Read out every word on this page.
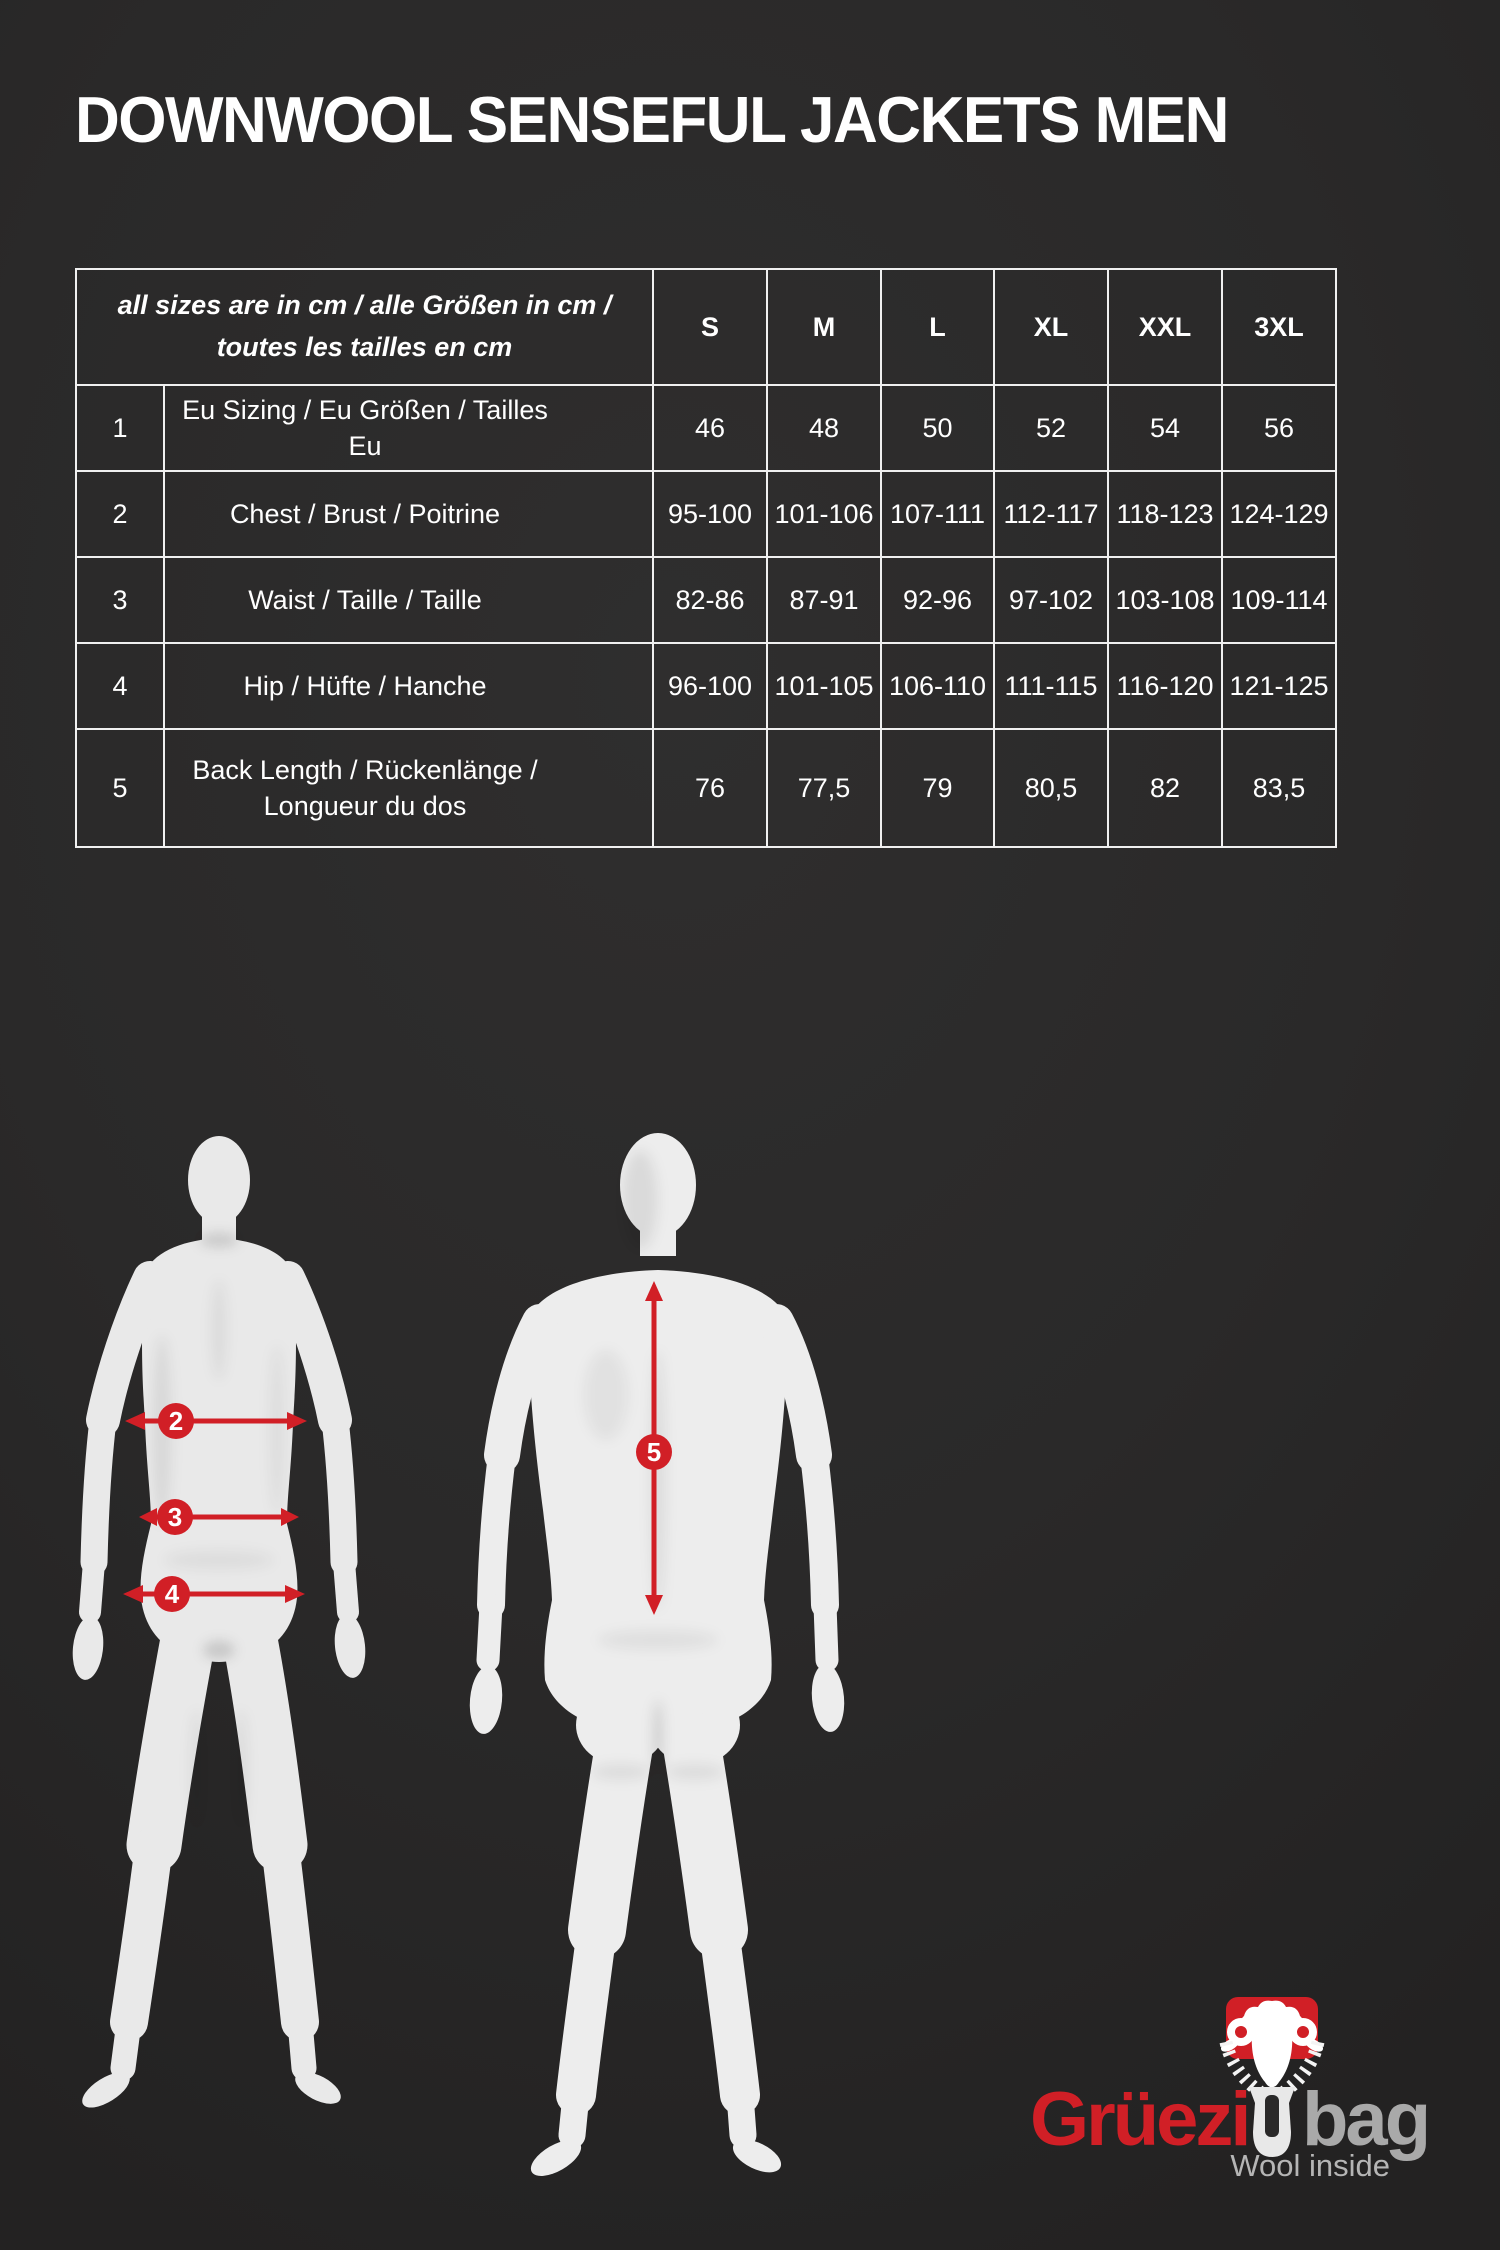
DOWNWOOL SENSEFUL JACKETS MEN
all sizes are in cm / alle Größen in cm / toutes les tailles en cm		S	M	L	XL	XXL	3XL
1	Eu Sizing / Eu Größen / Tailles Eu	46	48	50	52	54	56
2	Chest / Brust / Poitrine	95-100	101-106	107-111	112-117	118-123	124-129
3	Waist / Taille / Taille	82-86	87-91	92-96	97-102	103-108	109-114
4	Hip / Hüfte / Hanche	96-100	101-105	106-110	111-115	116-120	121-125
5	Back Length / Rückenlänge / Longueur du dos	76	77,5	79	80,5	82	83,5
2
3
4
5
Grüezi bag
Wool inside
